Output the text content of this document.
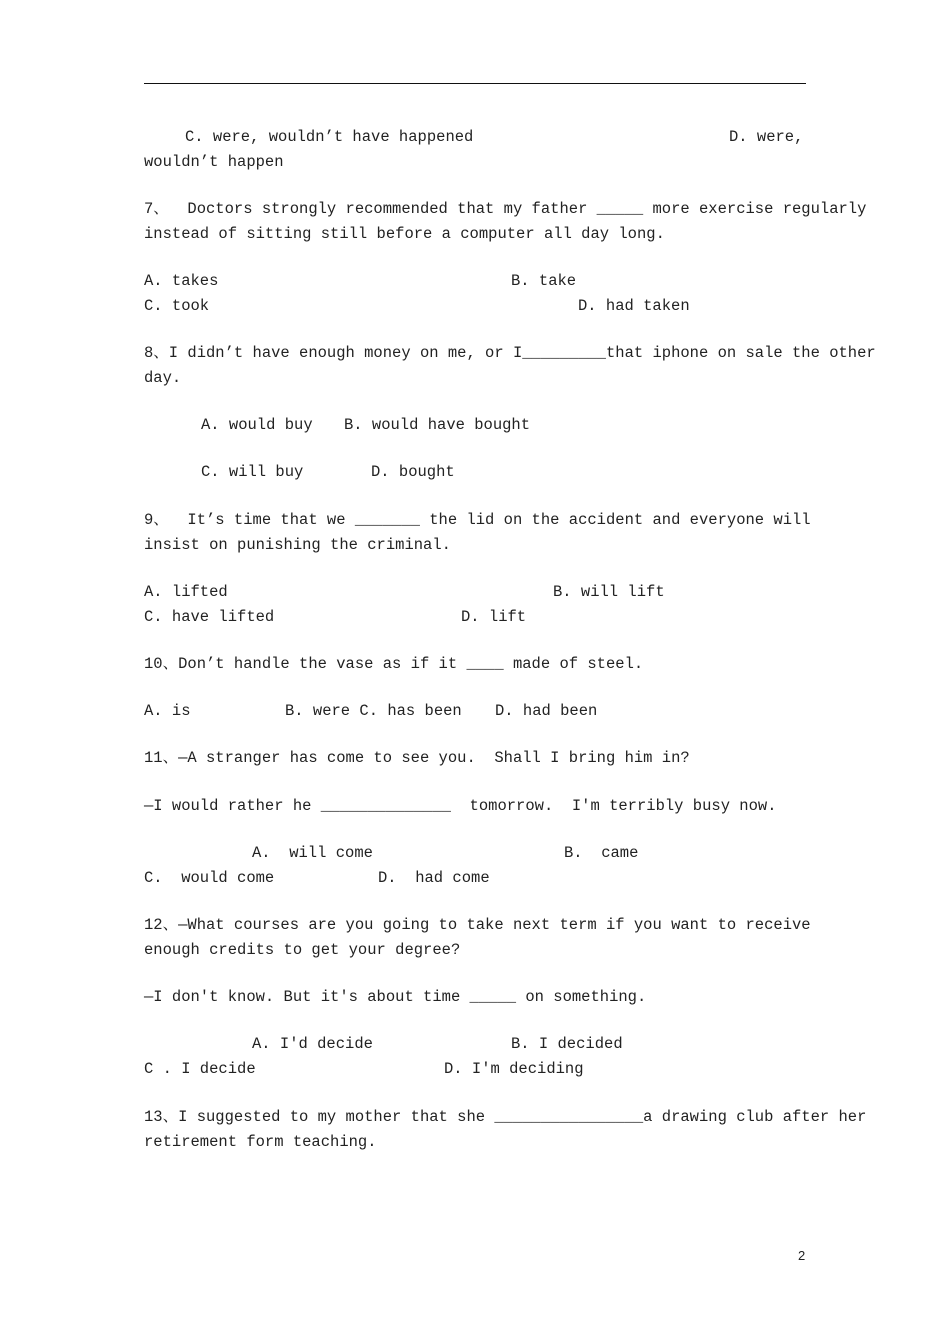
C. were, wouldn’t have happened	D. were,
wouldn’t happen
7、  Doctors strongly recommended that my father _____ more exercise regularly
instead of sitting still before a computer all day long.
A. takes	B. take
C. took	D. had taken
8、I didn’t have enough money on me, or I_________that iphone on sale the other
day.
A. would buy B. would have bought
C. will buy	D. bought
9、  It’s time that we _______ the lid on the accident and everyone will
insist on punishing the criminal.
A. lifted	B. will lift
C. have lifted	D. lift
10、Don’t handle the vase as if it ____ made of steel.
A. is	B. were C. has been D. had been
11、—A stranger has come to see you.  Shall I bring him in?
—I would rather he ______________  tomorrow.  I'm terribly busy now.
A.  will come	B.  came
C.  would come	D.  had come
12、—What courses are you going to take next term if you want to receive
enough credits to get your degree?
—I don't know. But it's about time _____ on something.
A. I'd decide	B. I decided
C . I decide	D. I'm deciding
13、I suggested to my mother that she ________________a drawing club after her
retirement form teaching.
2
